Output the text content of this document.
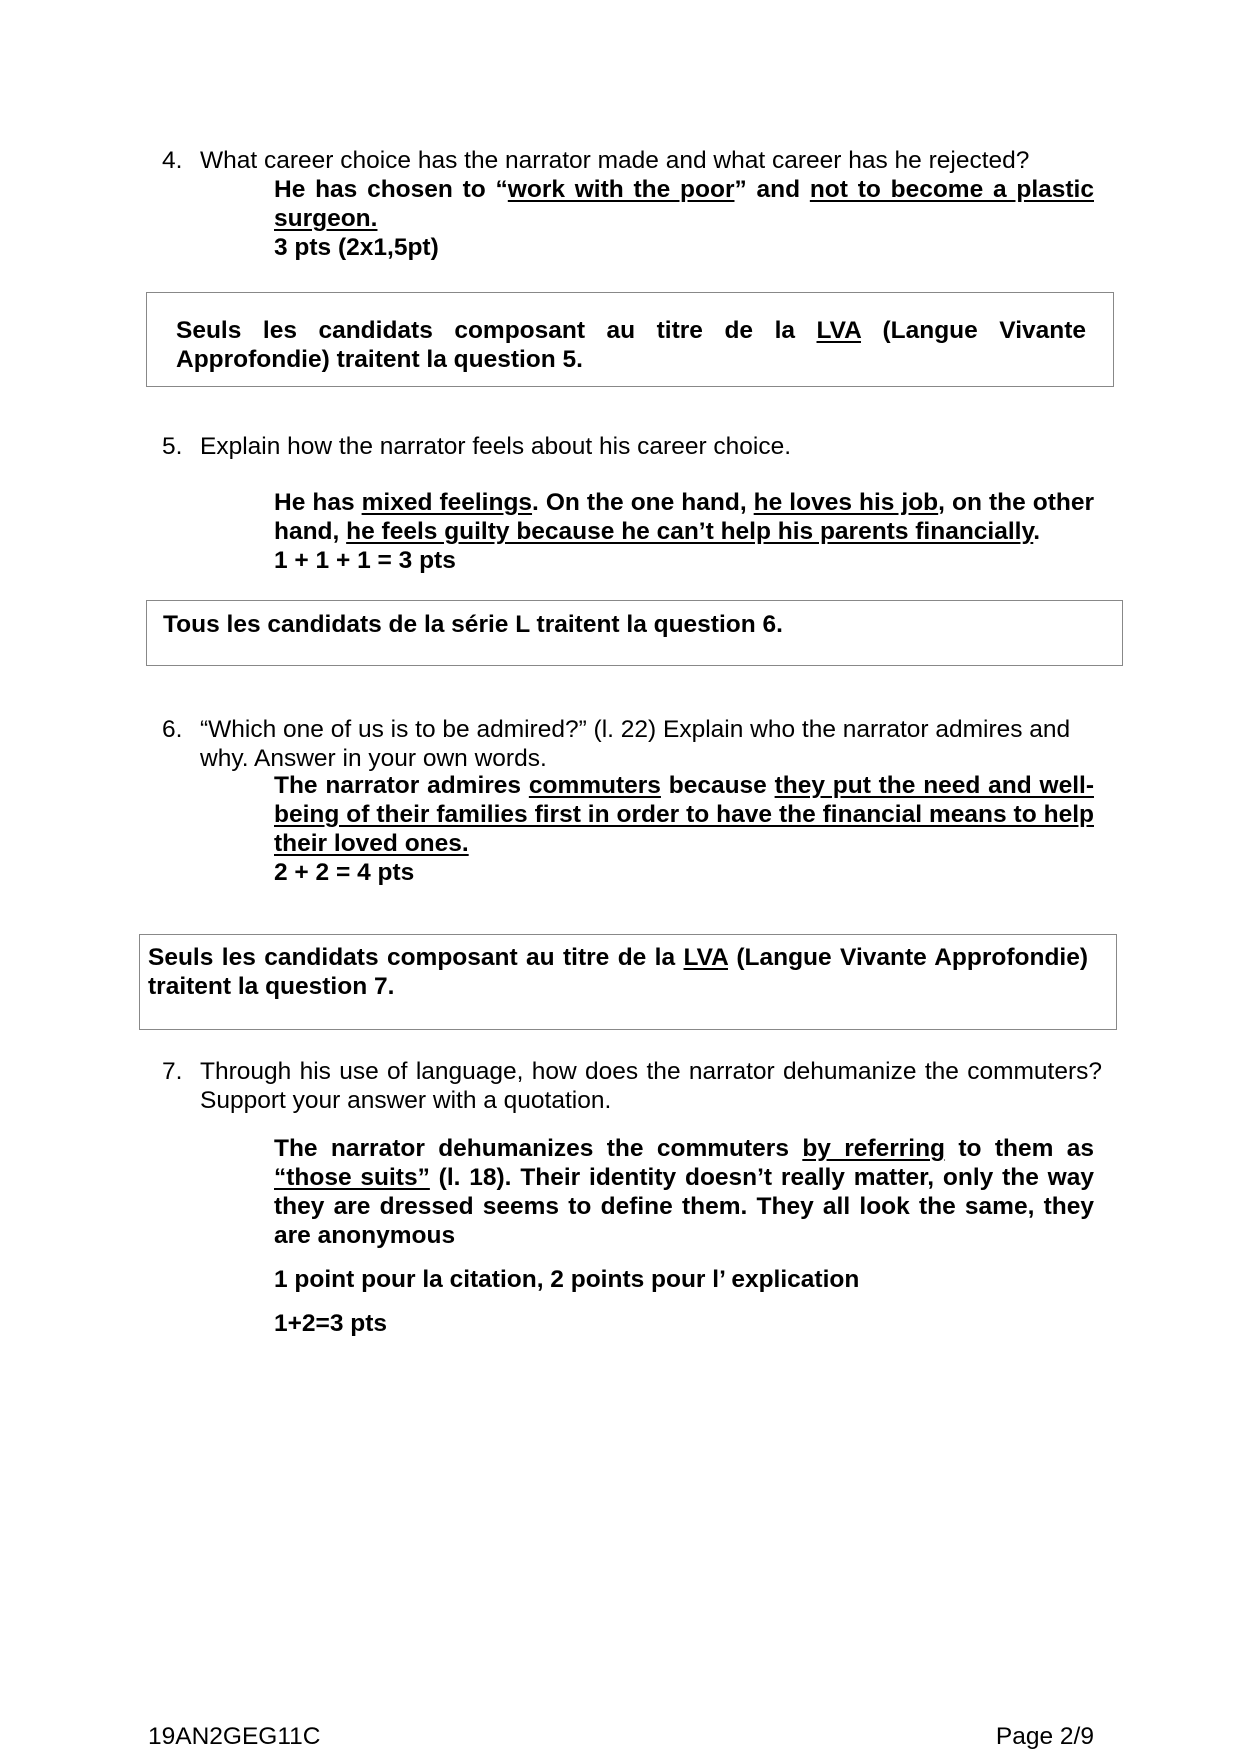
4. What career choice has the narrator made and what career has he rejected?

He has chosen to “work with the poor” and not to become a plastic

surgeon.

3 pts (2x1,5pt)

Seuls les candidats composant au titre de la LVA (Langue Vivante

Approfondie) traitent la question 5.

5. Explain how the narrator feels about his career choice.

He has mixed feelings. On the one hand, he loves his job, on the other

hand, he feels guilty because he can’t help his parents financially.

1 + 1 + 1 = 3 pts

Tous les candidats de la série L traitent la question 6.
6. “Which one of us is to be admired?” (l. 22) Explain who the narrator admires and

why. Answer in your own words.

The narrator admires commuters because they put the need and well-

being of their families first in order to have the financial means to help

their loved ones.

2 + 2 = 4 pts

Seuls les candidats composant au titre de la LVA (Langue Vivante Approfondie)

traitent la question 7.

7. Through his use of language, how does the narrator dehumanize the commuters?

Support your answer with a quotation.

The narrator dehumanizes the commuters by referring to them as

“those suits” (l. 18). Their identity doesn’t really matter, only the way

they are dressed seems to define them. They all look the same, they

are anonymous

1 point pour la citation, 2 points pour l’ explication

1+2=3 pts

19AN2GEG11C	Page 2/9
